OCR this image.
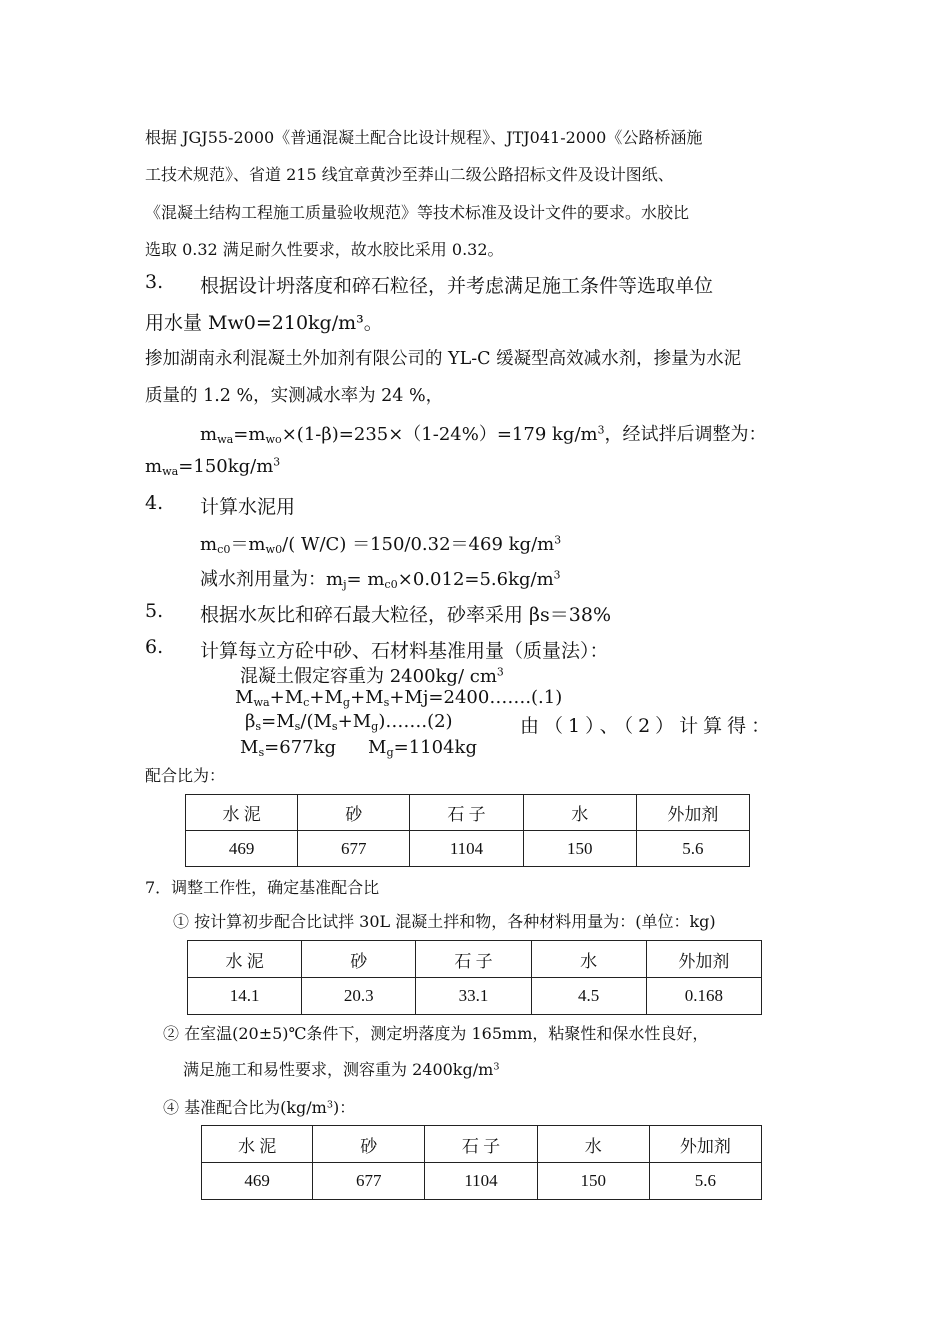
根据 JGJ55-2000《普通混凝土配合比设计规程》、JTJ041-2000《公路桥涵施
工技术规范》、省道 215 线宜章黄沙至莽山二级公路招标文件及设计图纸、
《混凝土结构工程施工质量验收规范》等技术标准及设计文件的要求。水胶比
选取 0.32 满足耐久性要求，故水胶比采用 0.32。
3. 根据设计坍落度和碎石粒径，并考虑满足施工条件等选取单位
用水量 Mw0=210kg/m³。
掺加湖南永利混凝土外加剂有限公司的 YL-C 缓凝型高效减水剂，掺量为水泥
质量的 1.2 %，实测减水率为 24 %，
$m_{wa}=m_{wo}\times(1-\beta)=235\times(1-24\%)=179$ $kg/m^3$，经试拌后调整为：
$m_{wa}=150kg/m^3$
4. 计算水泥用
$m_{c0}=m_{w0}/$( W/C) ＝150/0.32＝469 $kg/m^3$
减水剂用量为：$m_j= m_{c0}\times 0.012=5.6kg/m^3$
5. 根据水灰比和碎石最大粒径，砂率采用 βs＝38%
6. 计算每立方砼中砂、石材料基准用量（质量法）：
混凝土假定容重为 2400kg/ $cm^3$
$M_{wa}+M_c+M_g+M_s+Mj=2400\dots\dots.(.1)$
$\beta_s=M_s/(M_s+M_g)\dots\dots.(2)$	由（1）、（2）计算得：
$M_s=677kg$ $M_g=1104kg$
配合比为：
水 泥	砂	石 子	水	外加剂
469	677	1104	150	5.6
7．调整工作性，确定基准配合比
① 按计算初步配合比试拌 30L 混凝土拌和物，各种材料用量为：(单位：kg)
水 泥	砂	石 子	水	外加剂
14.1	20.3	33.1	4.5	0.168
② 在室温(20±5)℃条件下，测定坍落度为 165mm，粘聚性和保水性良好，
满足施工和易性要求，测容重为 $2400kg/m^3$
④ 基准配合比为$(kg/m^3)$：
水 泥	砂	石 子	水	外加剂
469	677	1104	150	5.6
